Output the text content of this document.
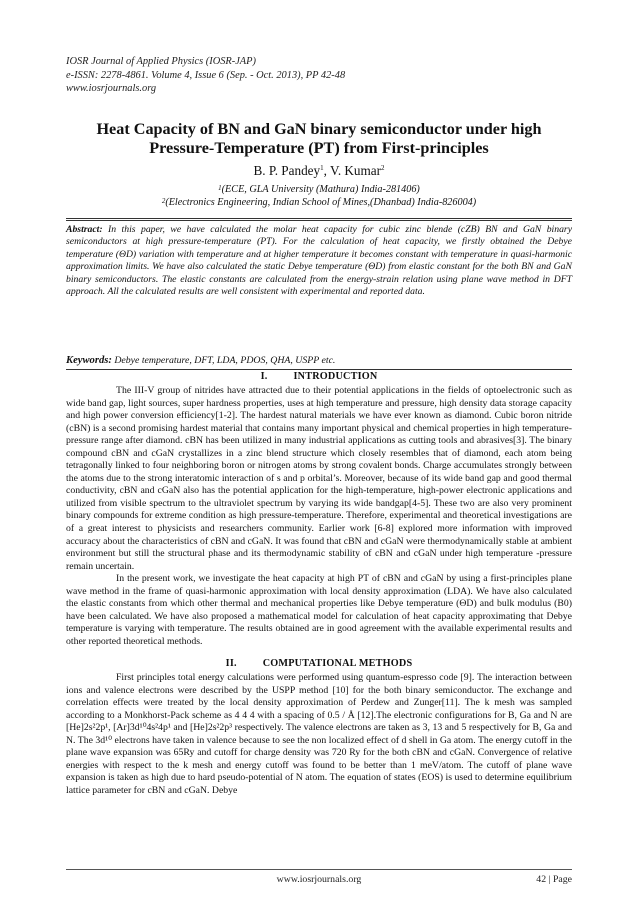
IOSR Journal of Applied Physics (IOSR-JAP)
e-ISSN: 2278-4861. Volume 4, Issue 6 (Sep. - Oct. 2013), PP 42-48
www.iosrjournals.org
Heat Capacity of BN and GaN binary semiconductor under high
Pressure-Temperature (PT) from First-principles
B. P. Pandey$^1$, V. Kumar$^2$
$^1$(ECE, GLA University (Mathura) India-281406)
$^2$(Electronics Engineering, Indian School of Mines,(Dhanbad) India-826004)
Abstract: In this paper, we have calculated the molar heat capacity for cubic zinc blende (cZB) BN and GaN binary semiconductors at high pressure-temperature (PT). For the calculation of heat capacity, we firstly obtained the Debye temperature (ΘD) variation with temperature and at higher temperature it becomes constant with temperature in quasi-harmonic approximation limits. We have also calculated the static Debye temperature (ΘD) from elastic constant for the both BN and GaN binary semiconductors. The elastic constants are calculated from the energy-strain relation using plane wave method in DFT approach. All the calculated results are well consistent with experimental and reported data.
Keywords: Debye temperature, DFT, LDA, PDOS, QHA, USPP etc.
I.	INTRODUCTION

The III-V group of nitrides have attracted due to their potential applications in the fields of optoelectronic such as wide band gap, light sources, super hardness properties, uses at high temperature and pressure, high density data storage capacity and high power conversion efficiency[1-2]. The hardest natural materials we have ever known as diamond. Cubic boron nitride (cBN) is a second promising hardest material that contains many important physical and chemical properties in high temperature-pressure range after diamond. cBN has been utilized in many industrial applications as cutting tools and abrasives[3]. The binary compound cBN and cGaN crystallizes in a zinc blend structure which closely resembles that of diamond, each atom being tetragonally linked to four neighboring boron or nitrogen atoms by strong covalent bonds. Charge accumulates strongly between the atoms due to the strong interatomic interaction of s and p orbital’s. Moreover, because of its wide band gap and good thermal conductivity, cBN and cGaN also has the potential application for the high-temperature, high-power electronic applications and utilized from visible spectrum to the ultraviolet spectrum by varying its wide bandgap[4-5]. These two are also very prominent binary compounds for extreme condition as high pressure-temperature. Therefore, experimental and theoretical investigations are of a great interest to physicists and researchers community. Earlier work [6-8] explored more information with improved accuracy about the characteristics of cBN and cGaN. It was found that cBN and cGaN were thermodynamically stable at ambient environment but still the structural phase and its thermodynamic stability of cBN and cGaN under high temperature -pressure remain uncertain.

In the present work, we investigate the heat capacity at high PT of cBN and cGaN by using a first-principles plane wave method in the frame of quasi-harmonic approximation with local density approximation (LDA). We have also calculated the elastic constants from which other thermal and mechanical properties like Debye temperature (ΘD) and bulk modulus (B0) have been calculated. We have also proposed a mathematical model for calculation of heat capacity approximating that Debye temperature is varying with temperature. The results obtained are in good agreement with the available experimental results and other reported theoretical methods.

II.	COMPUTATIONAL METHODS

First principles total energy calculations were performed using quantum-espresso code [9]. The interaction between ions and valence electrons were described by the USPP method [10] for the both binary semiconductor. The exchange and correlation effects were treated by the local density approximation of Perdew and Zunger[11]. The k mesh was sampled according to a Monkhorst-Pack scheme as 4 4 4 with a spacing of 0.5 / Å [12].The electronic configurations for B, Ga and N are [He]2s²2p¹, [Ar]3d¹⁰4s²4p¹ and [He]2s²2p³ respectively. The valence electrons are taken as 3, 13 and 5 respectively for B, Ga and N. The 3d¹⁰ electrons have taken in valence because to see the non localized effect of d shell in Ga atom. The energy cutoff in the plane wave expansion was 65Ry and cutoff for charge density was 720 Ry for the both cBN and cGaN. Convergence of relative energies with respect to the k mesh and energy cutoff was found to be better than 1 meV/atom. The cutoff of plane wave expansion is taken as high due to hard pseudo-potential of N atom. The equation of states (EOS) is used to determine equilibrium lattice parameter for cBN and cGaN. Debye

www.iosrjournals.org	42 | Page
